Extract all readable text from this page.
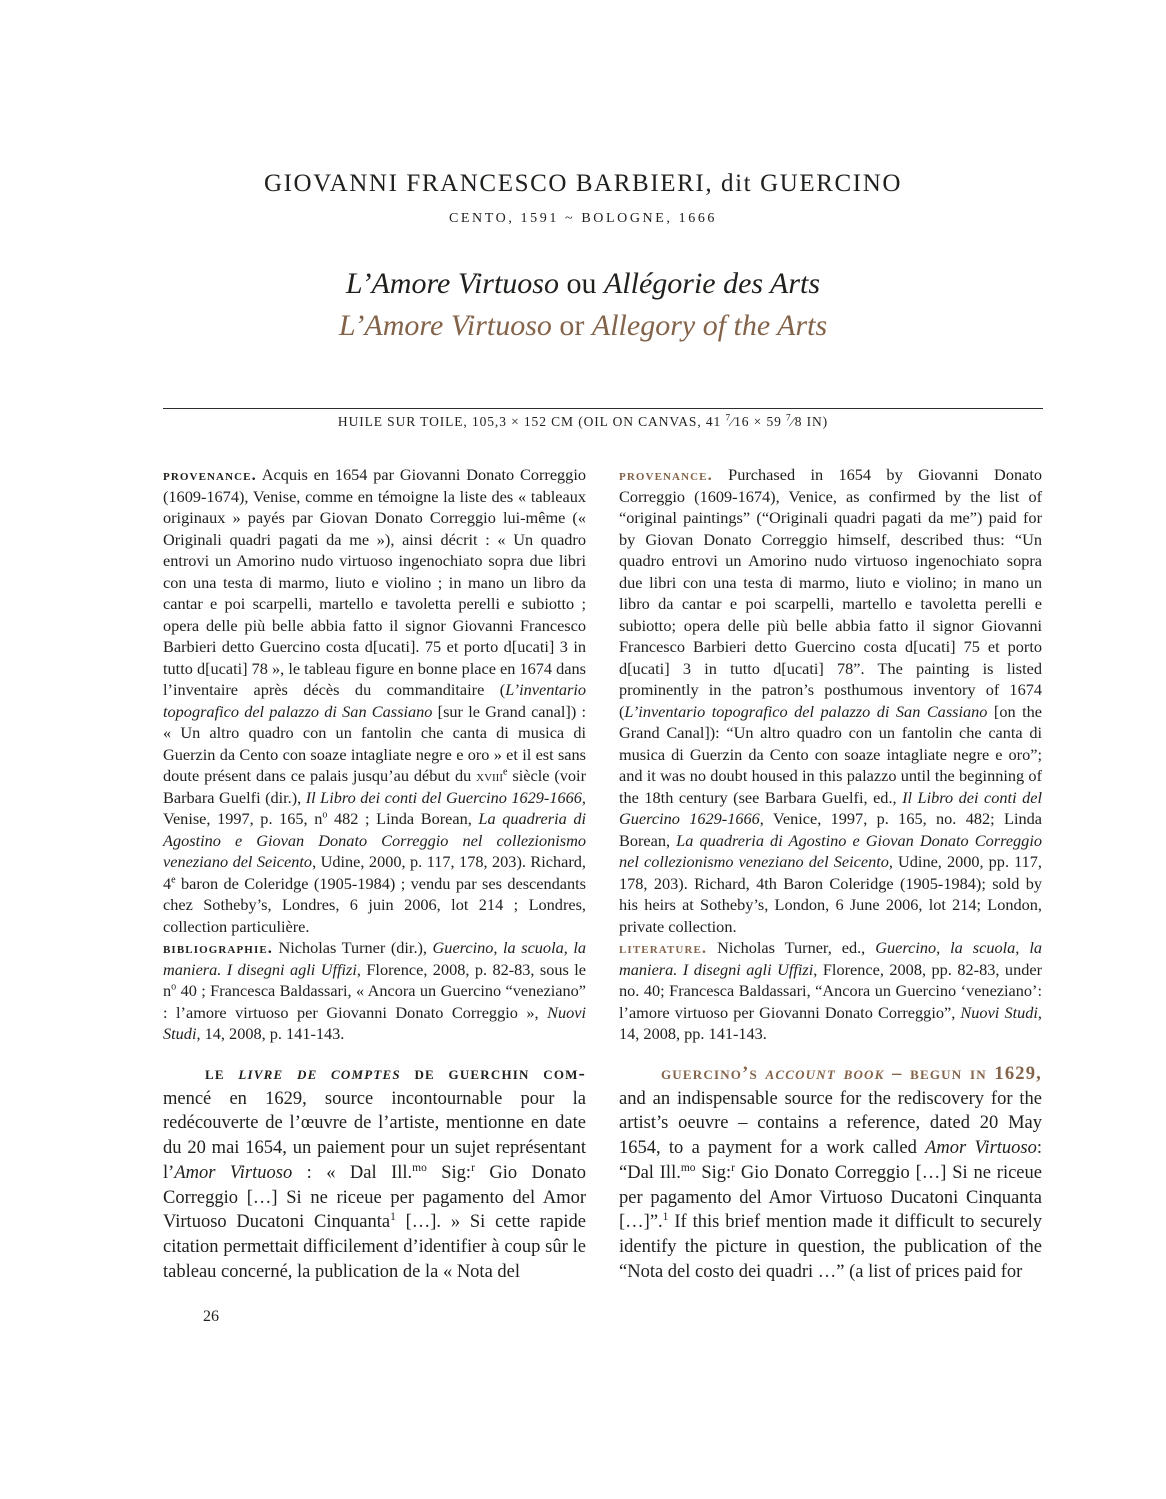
GIOVANNI FRANCESCO BARBIERI, dit GUERCINO
CENTO, 1591 ~ BOLOGNE, 1666
L’Amore Virtuoso ou Allégorie des Arts
L’Amore Virtuoso or Allegory of the Arts
HUILE SUR TOILE, 105,3 × 152 CM (OIL ON CANVAS, 41 $^7$⁄16 × 59 $^7$⁄8 IN)

provenance. Acquis en 1654 par Giovanni Donato Correggio (1609-1674), Venise, comme en témoigne la liste des « tableaux originaux » payés par Giovan Donato Correggio lui-même (« Originali quadri pagati da me »), ainsi décrit : « Un quadro entrovi un Amorino nudo virtuoso ingenochiato sopra due libri con una testa di marmo, liuto e violino ; in mano un libro da cantar e poi scarpelli, martello e tavoletta perelli e subiotto ; opera delle più belle abbia fatto il signor Giovanni Francesco Barbieri detto Guercino costa d[ucati]. 75 et porto d[ucati] 3 in tutto d[ucati] 78 », le tableau figure en bonne place en 1674 dans l’inventaire après décès du commanditaire (L’inventario topografico del palazzo di San Cassiano [sur le Grand canal]) : « Un altro quadro con un fantolin che canta di musica di Guerzin da Cento con soaze intagliate negre e oro » et il est sans doute présent dans ce palais jusqu’au début du xviii$^e$ siècle (voir Barbara Guelfi (dir.), Il Libro dei conti del Guercino 1629-1666, Venise, 1997, p. 165, $n^o$ 482 ; Linda Borean, La quadreria di Agostino e Giovan Donato Correggio nel collezionismo veneziano del Seicento, Udine, 2000, p. 117, 178, 203). Richard, 4e baron de Coleridge (1905-1984) ; vendu par ses descendants chez Sotheby’s, Londres, 6 juin 2006, lot 214 ; Londres, collection particulière.

bibliographie. Nicholas Turner (dir.), Guercino, la scuola, la maniera. I disegni agli Uffizi, Florence, 2008, p. 82-83, sous le $n^o$ 40 ; Francesca Baldassari, « Ancora un Guercino “veneziano” : l’amore virtuoso per Giovanni Donato Correggio », Nuovi Studi, 14, 2008, p. 141-143.

provenance. Purchased in 1654 by Giovanni Donato Correggio (1609-1674), Venice, as confirmed by the list of “original paintings” (“Originali quadri pagati da me”) paid for by Giovan Donato Correggio himself, described thus: “Un quadro entrovi un Amorino nudo virtuoso ingenochiato sopra due libri con una testa di marmo, liuto e violino; in mano un libro da cantar e poi scarpelli, martello e tavoletta perelli e subiotto; opera delle più belle abbia fatto il signor Giovanni Francesco Barbieri detto Guercino costa d[ucati] 75 et porto d[ucati] 3 in tutto d[ucati] 78”. The painting is listed prominently in the patron’s posthumous inventory of 1674 (L’inventario topografico del palazzo di San Cassiano [on the Grand Canal]): “Un altro quadro con un fantolin che canta di musica di Guerzin da Cento con soaze intagliate negre e oro”; and it was no doubt housed in this palazzo until the beginning of the 18th century (see Barbara Guelfi, ed., Il Libro dei conti del Guercino 1629-1666, Venice, 1997, p. 165, no. 482; Linda Borean, La quadreria di Agostino e Giovan Donato Correggio nel collezionismo veneziano del Seicento, Udine, 2000, pp. 117, 178, 203). Richard, 4th Baron Coleridge (1905-1984); sold by his heirs at Sotheby’s, London, 6 June 2006, lot 214; London, private collection.

literature. Nicholas Turner, ed., Guercino, la scuola, la maniera. I disegni agli Uffizi, Florence, 2008, pp. 82-83, under no. 40; Francesca Baldassari, “Ancora un Guercino ‘veneziano’: l’amore virtuoso per Giovanni Donato Correggio”, Nuovi Studi, 14, 2008, pp. 141-143.

le livre de comptes de guerchin com-

mencé en 1629, source incontournable pour la redécouverte de l’œuvre de l’artiste, mentionne en date du 20 mai 1654, un paiement pour un sujet représentant l’Amor Virtuoso : « Dal Ill.$^{mo}$ Sig:$^r$ Gio Donato Correggio […] Si ne riceue per pagamento del Amor Virtuoso Ducatoni Cinquanta$^1$ […]. » Si cette rapide citation permettait difficilement d’identifier à coup sûr le tableau concerné, la publication de la « Nota del

guercino’s account book – begun in 1629,

and an indispensable source for the rediscovery for the artist’s oeuvre – contains a reference, dated 20 May 1654, to a payment for a work called Amor Virtuoso: “Dal Ill.$^{mo}$ Sig:$^r$ Gio Donato Correggio […] Si ne riceue per pagamento del Amor Virtuoso Ducatoni Cinquanta […]”.$^1$ If this brief mention made it difficult to securely identify the picture in question, the publication of the “Nota del costo dei quadri …” (a list of prices paid for

26
